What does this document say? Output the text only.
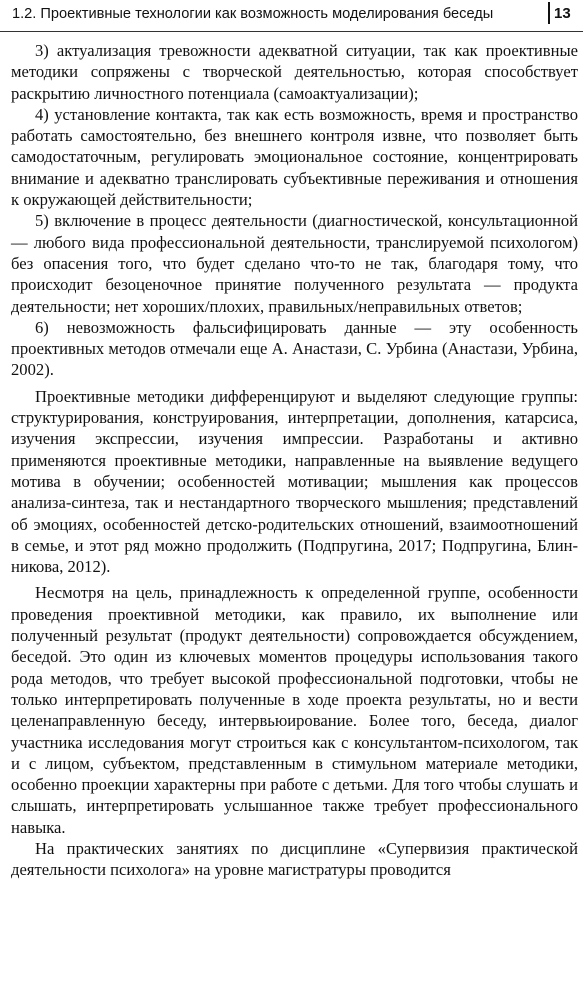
1.2. Проективные технологии как возможность моделирования беседы	13

3) актуализация тревожности адекватной ситуации, так как проективные методики сопряжены с творческой деятельностью, которая способствует раскрытию личностного потенциала (самоактуализации);

4) установление контакта, так как есть возможность, время и пространство работать самостоятельно, без внешнего контроля извне, что позволяет быть самодостаточным, регулировать эмоциональное состояние, концентрировать внимание и адекватно транслировать субъективные переживания и отношения к окружающей действительности;

5) включение в процесс деятельности (диагностической, консультационной — любого вида профессиональной деятельности, транслируемой психологом) без опасения того, что будет сделано что-то не так, благодаря тому, что происходит безоценочное принятие полученного результата — продукта деятельности; нет хороших/плохих, правильных/неправильных ответов;

6) невозможность фальсифицировать данные — эту особенность проективных методов отмечали еще А. Анастази, С. Урбина (Анастази, Урбина, 2002).

Проективные методики дифференцируют и выделяют следующие группы: структурирования, конструирования, интерпретации, дополнения, катарсиса, изучения экспрессии, изучения импрессии. Разработаны и активно применяются проективные методики, направленные на выявление ведущего мотива в обучении; особенностей мотивации; мышления как процессов анализа-синтеза, так и нестандартного творческого мышления; представлений об эмоциях, особенностей детско-родительских отношений, взаимоотношений в семье, и этот ряд можно продолжить (Подпругина, 2017; Подпругина, Блинникова, 2012).

Несмотря на цель, принадлежность к определенной группе, особенности проведения проективной методики, как правило, их выполнение или полученный результат (продукт деятельности) сопровождается обсуждением, беседой. Это один из ключевых моментов процедуры использования такого рода методов, что требует высокой профессиональной подготовки, чтобы не только интерпретировать полученные в ходе проекта результаты, но и вести целенаправленную беседу, интервьюирование. Более того, беседа, диалог участника исследования могут строиться как с консультантом-психологом, так и с лицом, субъектом, представленным в стимульном материале методики, особенно проекции характерны при работе с детьми. Для того чтобы слушать и слышать, интерпретировать услышанное также требует профессионального навыка.

На практических занятиях по дисциплине «Супервизия практической деятельности психолога» на уровне магистратуры проводится
